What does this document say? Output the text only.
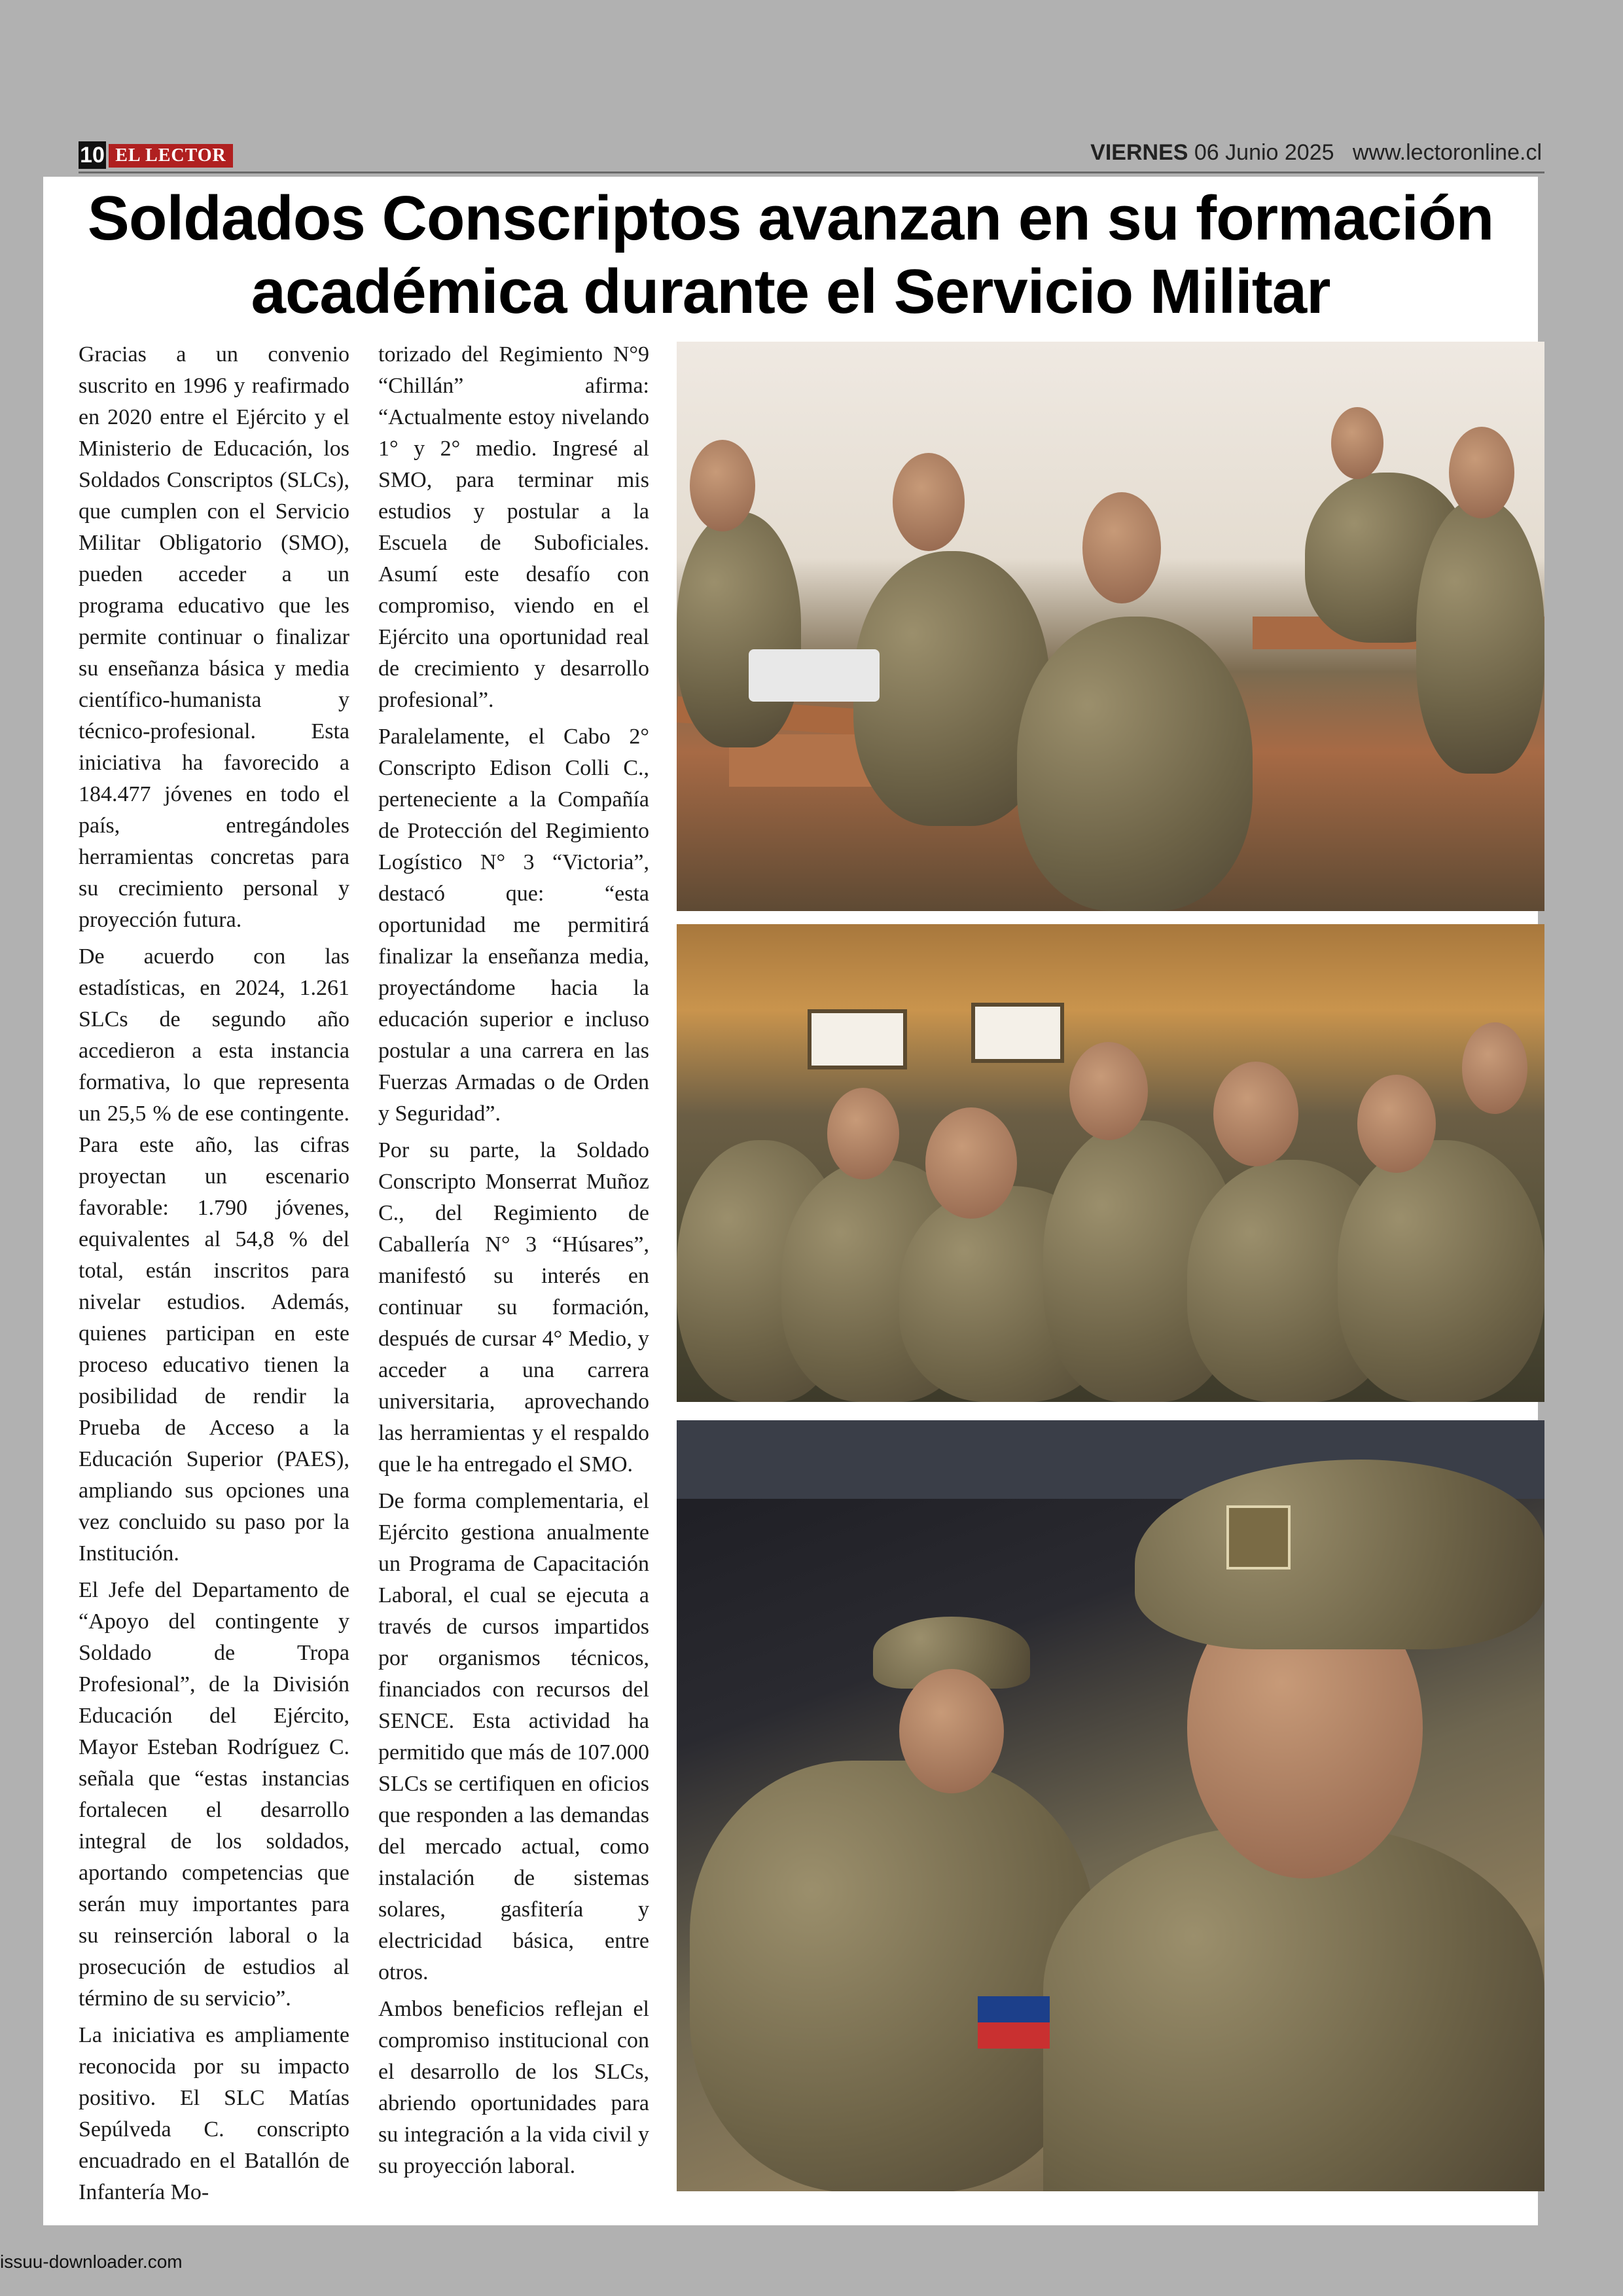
10 EL LECTOR	VIERNES 06 Junio 2025 www.lectoronline.cl
Soldados Conscriptos avanzan en su formación
académica durante el Servicio Militar

Gracias a un convenio suscrito en 1996 y reafirmado en 2020 entre el Ejército y el Ministerio de Educación, los Soldados Conscriptos (SLCs), que cumplen con el Servicio Militar Obligatorio (SMO), pueden acceder a un programa educativo que les permite continuar o finalizar su enseñanza básica y media científico-humanista y técnico-profesional. Esta iniciativa ha favorecido a 184.477 jóvenes en todo el país, entregándoles herramientas concretas para su crecimiento personal y proyección futura.

De acuerdo con las estadísticas, en 2024, 1.261 SLCs de segundo año accedieron a esta instancia formativa, lo que representa un 25,5 % de ese contingente. Para este año, las cifras proyectan un escenario favorable: 1.790 jóvenes, equivalentes al 54,8 % del total, están inscritos para nivelar estudios. Además, quienes participan en este proceso educativo tienen la posibilidad de rendir la Prueba de Acceso a la Educación Superior (PAES), ampliando sus opciones una vez concluido su paso por la Institución.

El Jefe del Departamento de “Apoyo del contingente y Soldado de Tropa Profesional”, de la División Educación del Ejército, Mayor Esteban Rodríguez C. señala que “estas instancias fortalecen el desarrollo integral de los soldados, aportando competencias que serán muy importantes para su reinserción laboral o la prosecución de estudios al término de su servicio”.

La iniciativa es ampliamente reconocida por su impacto positivo. El SLC Matías Sepúlveda C. conscripto encuadrado en el Batallón de Infantería Mo-

torizado del Regimiento N°9 “Chillán” afirma: “Actualmente estoy nivelando 1° y 2° medio. Ingresé al SMO, para terminar mis estudios y postular a la Escuela de Suboficiales. Asumí este desafío con compromiso, viendo en el Ejército una oportunidad real de crecimiento y desarrollo profesional”.

Paralelamente, el Cabo 2° Conscripto Edison Colli C., perteneciente a la Compañía de Protección del Regimiento Logístico N° 3 “Victoria”, destacó que: “esta oportunidad me permitirá finalizar la enseñanza media, proyectándome hacia la educación superior e incluso postular a una carrera en las Fuerzas Armadas o de Orden y Seguridad”.

Por su parte, la Soldado Conscripto Monserrat Muñoz C., del Regimiento de Caballería N° 3 “Húsares”, manifestó su interés en continuar su formación, después de cursar 4° Medio, y acceder a una carrera universitaria, aprovechando las herramientas y el respaldo que le ha entregado el SMO.

De forma complementaria, el Ejército gestiona anualmente un Programa de Capacitación Laboral, el cual se ejecuta a través de cursos impartidos por organismos técnicos, financiados con recursos del SENCE. Esta actividad ha permitido que más de 107.000 SLCs se certifiquen en oficios que responden a las demandas del mercado actual, como instalación de sistemas solares, gasfitería y electricidad básica, entre otros.

Ambos beneficios reflejan el compromiso institucional con el desarrollo de los SLCs, abriendo oportunidades para su integración a la vida civil y su proyección laboral.

issuu-downloader.com
